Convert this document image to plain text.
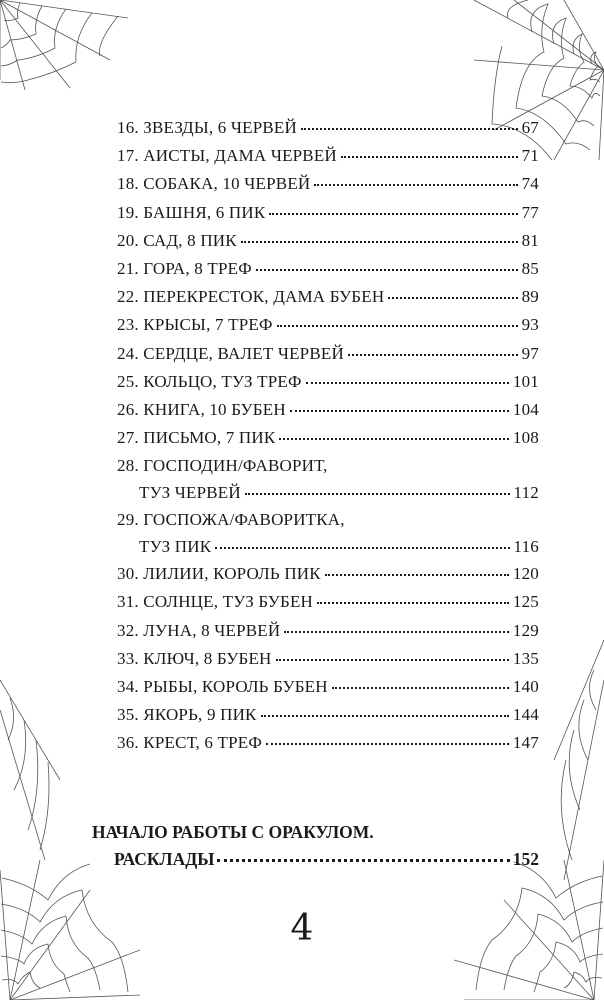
16. ЗВЕЗДЫ, 6 ЧЕРВЕЙ	67
17. АИСТЫ, ДАМА ЧЕРВЕЙ	71
18. СОБАКА, 10 ЧЕРВЕЙ	74
19. БАШНЯ, 6 ПИК	77
20. САД, 8 ПИК	81
21. ГОРА, 8 ТРЕФ	85
22. ПЕРЕКРЕСТОК, ДАМА БУБЕН	89
23. КРЫСЫ, 7 ТРЕФ	93
24. СЕРДЦЕ, ВАЛЕТ ЧЕРВЕЙ	97
25. КОЛЬЦО, ТУЗ ТРЕФ	101
26. КНИГА, 10 БУБЕН	104
27. ПИСЬМО, 7 ПИК	108
28. ГОСПОДИН/ФАВОРИТ,
ТУЗ ЧЕРВЕЙ	112
29. ГОСПОЖА/ФАВОРИТКА,
ТУЗ ПИК	116
30. ЛИЛИИ, КОРОЛЬ ПИК	120
31. СОЛНЦЕ, ТУЗ БУБЕН	125
32. ЛУНА, 8 ЧЕРВЕЙ	129
33. КЛЮЧ, 8 БУБЕН	135
34. РЫБЫ, КОРОЛЬ БУБЕН	140
35. ЯКОРЬ, 9 ПИК	144
36. КРЕСТ, 6 ТРЕФ	147
НАЧАЛО РАБОТЫ С ОРАКУЛОМ.
РАСКЛАДЫ	152
4
